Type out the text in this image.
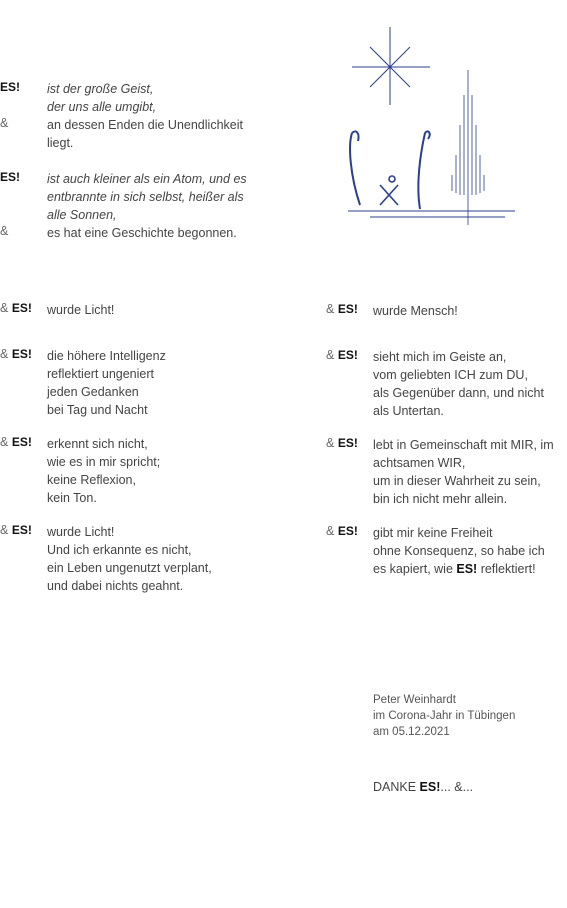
ES!	ist der große Geist,
der uns alle umgibt,
&	an dessen Enden die Unendlichkeit
liegt.
ES!	ist auch kleiner als ein Atom, und es
entbrannte in sich selbst, heißer als
alle Sonnen,
&	es hat eine Geschichte begonnen.
& ES!	wurde Licht!
& ES!	die höhere Intelligenz
reflektiert ungeniert
jeden Gedanken
bei Tag und Nacht
& ES!	erkennt sich nicht,
wie es in mir spricht;
keine Reflexion,
kein Ton.
& ES!	wurde Licht!
Und ich erkannte es nicht,
ein Leben ungenutzt verplant,
und dabei nichts geahnt.
& ES!	wurde Mensch!
& ES!	sieht mich im Geiste an,
vom geliebten ICH zum DU,
als Gegenüber dann, und nicht
als Untertan.
& ES!	lebt in Gemeinschaft mit MIR, im
achtsamen WIR,
um in dieser Wahrheit zu sein,
bin ich nicht mehr allein.
& ES!	gibt mir keine Freiheit
ohne Konsequenz, so habe ich
es kapiert, wie ES! reflektiert!
Peter Weinhardt
im Corona-Jahr in Tübingen
am 05.12.2021
DANKE ES!... &...
